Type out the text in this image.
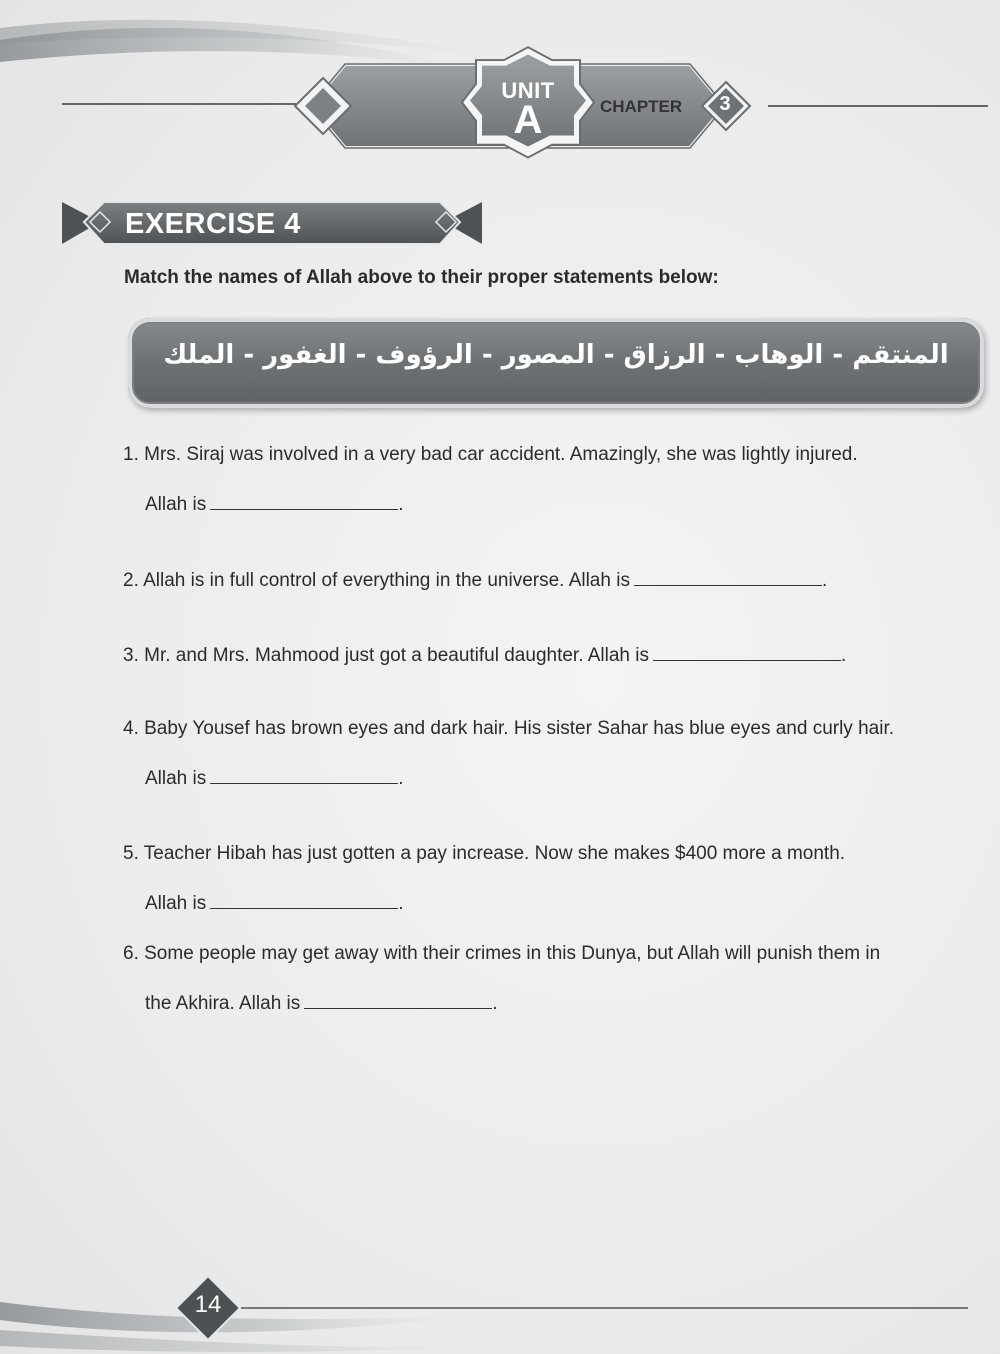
UNIT
A	CHAPTER	3
EXERCISE 4
Match the names of Allah above to their proper statements below:
المنتقم - الوهاب - الرزاق - المصور - الرؤوف - الغفور - الملك
1. Mrs. Siraj was involved in a very bad car accident. Amazingly, she was lightly injured.
Allah is	.
2. Allah is in full control of everything in the universe. Allah is	.
3. Mr. and Mrs. Mahmood just got a beautiful daughter. Allah is	.
4. Baby Yousef has brown eyes and dark hair. His sister Sahar has blue eyes and curly hair.
Allah is	.
5. Teacher Hibah has just gotten a pay increase. Now she makes $400 more a month.
Allah is	.
6. Some people may get away with their crimes in this Dunya, but Allah will punish them in
the Akhira. Allah is	.
14
